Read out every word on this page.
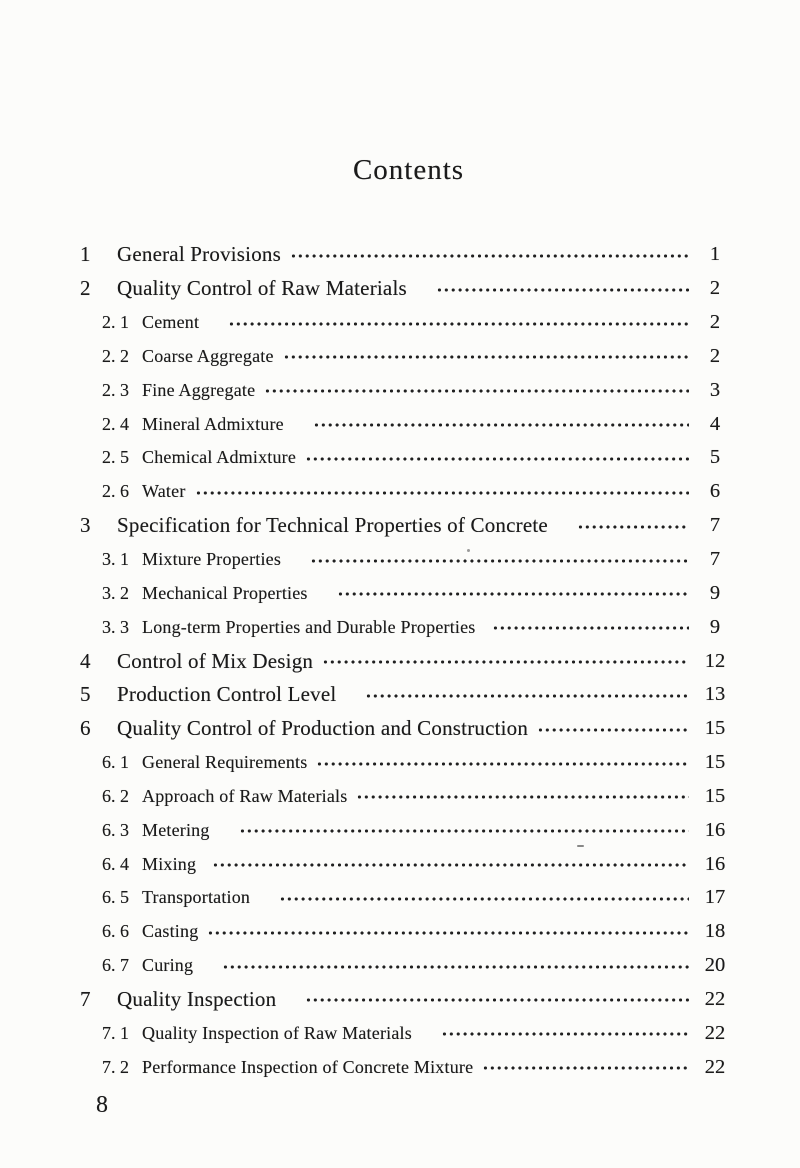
Contents
1	General Provisions	1
2	Quality Control of Raw Materials	2
2. 1 Cement	2
2. 2 Coarse Aggregate	2
2. 3 Fine Aggregate	3
2. 4 Mineral Admixture	4
2. 5 Chemical Admixture	5
2. 6 Water	6
3	Specification for Technical Properties of Concrete	7
3. 1 Mixture Properties	7
3. 2 Mechanical Properties	9
3. 3 Long-term Properties and Durable Properties	9
4	Control of Mix Design	12
5	Production Control Level	13
6	Quality Control of Production and Construction	15
6. 1 General Requirements	15
6. 2 Approach of Raw Materials	15
6. 3 Metering	16
6. 4 Mixing	16
6. 5 Transportation	17
6. 6 Casting	18
6. 7 Curing	20
7	Quality Inspection	22
7. 1 Quality Inspection of Raw Materials	22
7. 2 Performance Inspection of Concrete Mixture	22
8
